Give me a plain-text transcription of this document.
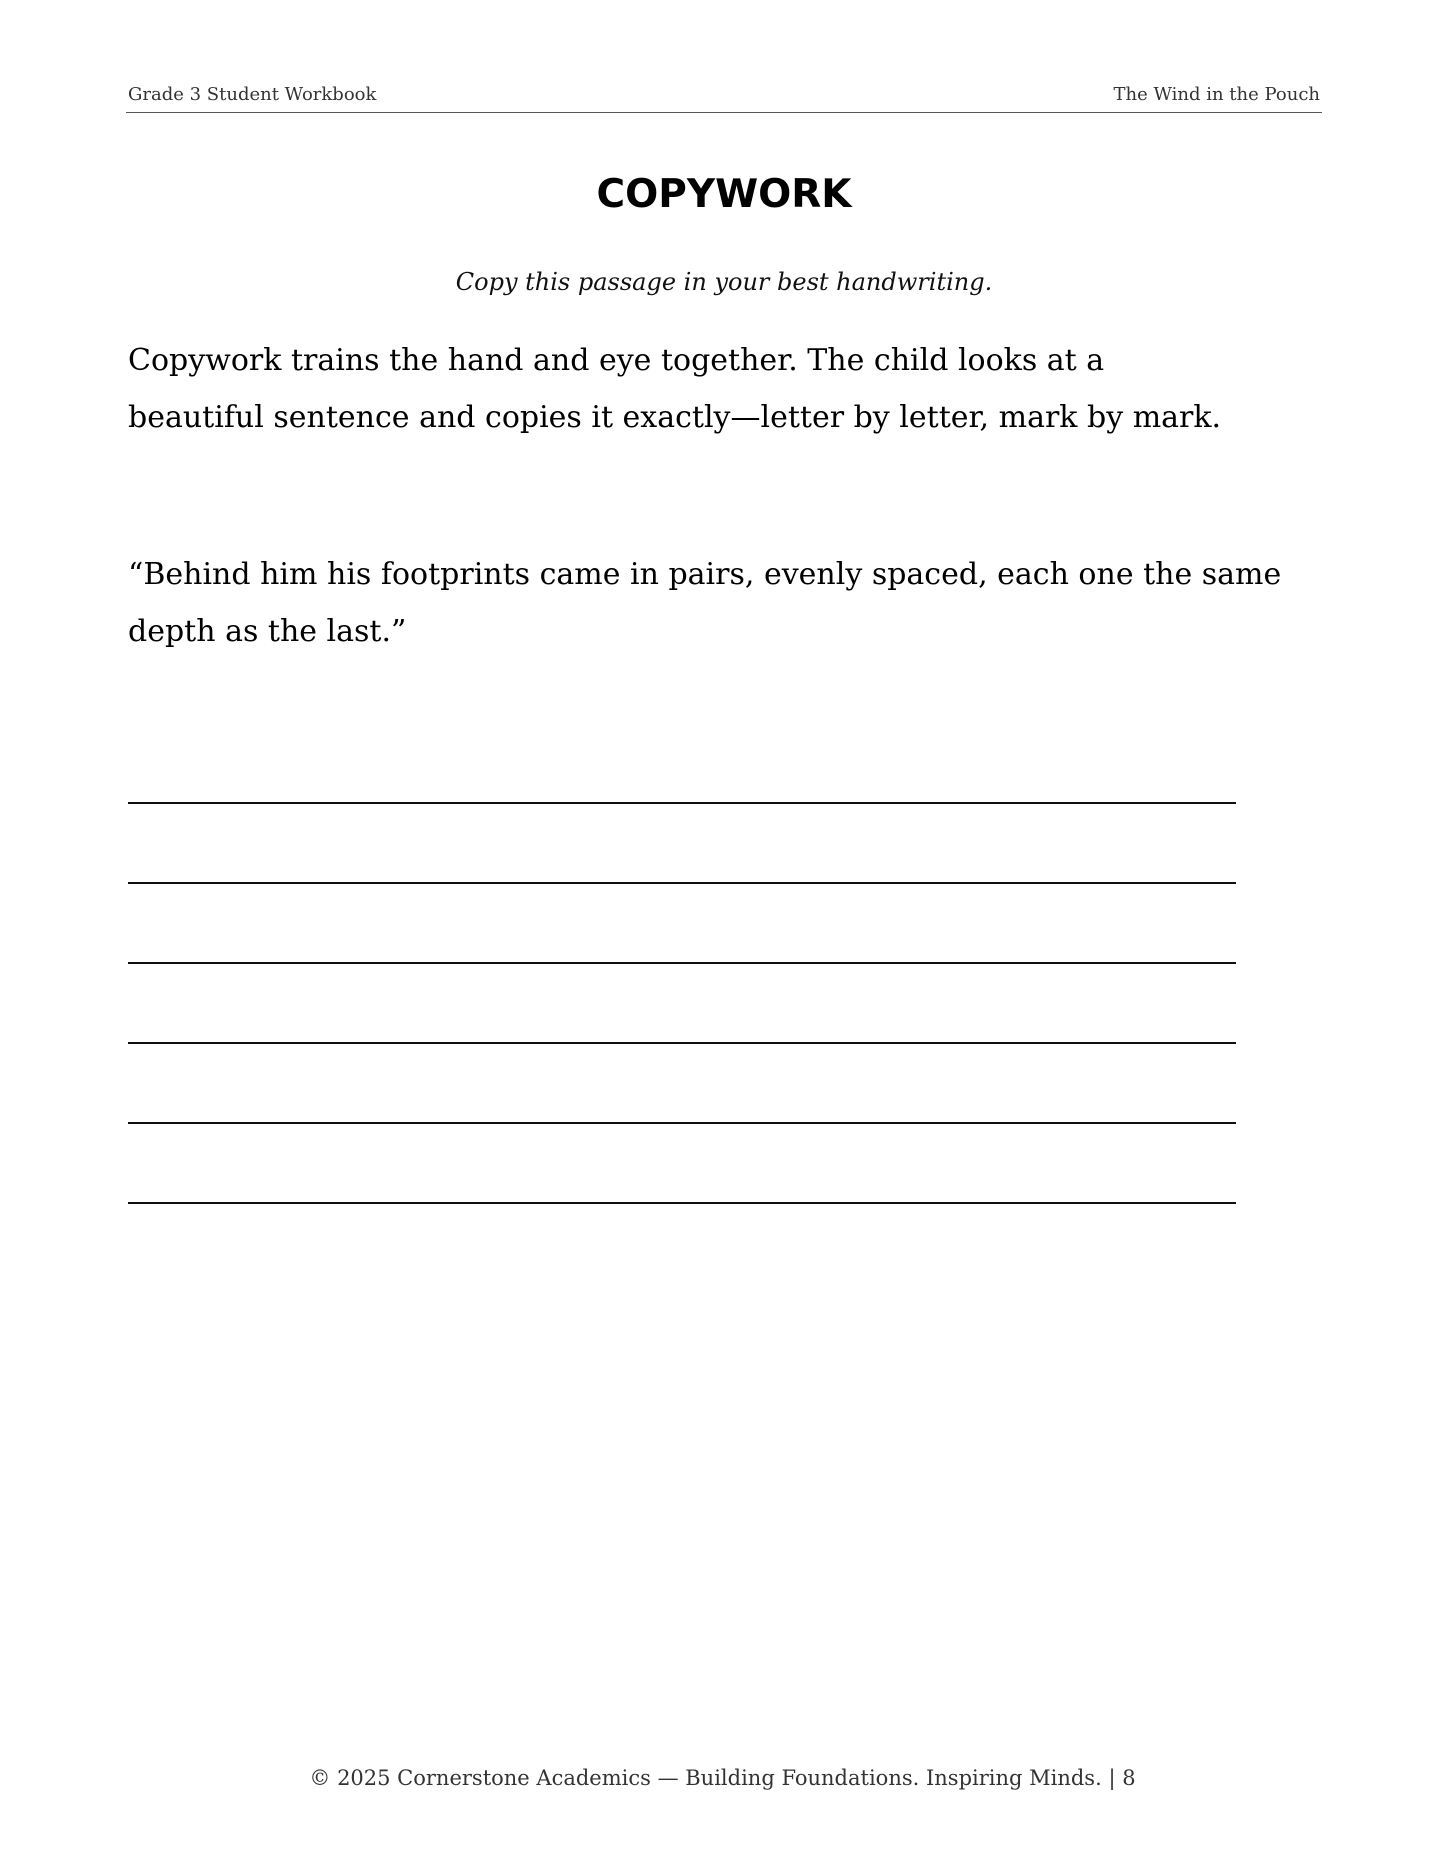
Grade 3 Student Workbook	The Wind in the Pouch
COPYWORK
Copy this passage in your best handwriting.
Copywork trains the hand and eye together. The child looks at a beautiful sentence and copies it exactly—letter by letter, mark by mark.
“Behind him his footprints came in pairs, evenly spaced, each one the same depth as the last.”
© 2025 Cornerstone Academics — Building Foundations. Inspiring Minds. | 8
